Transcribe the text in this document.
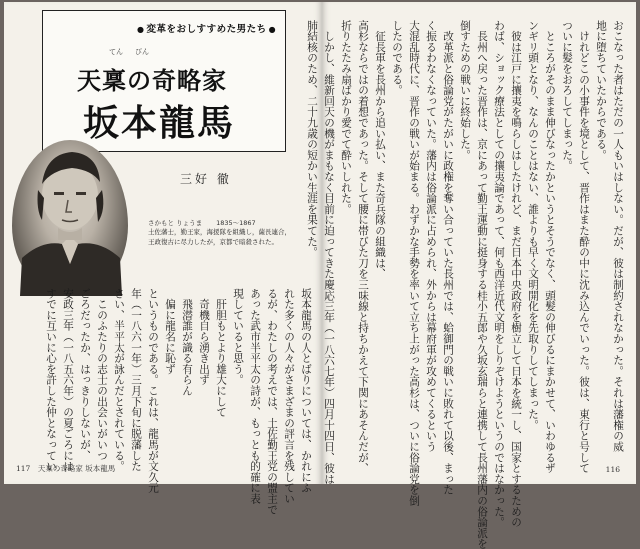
● 変革をおしすすめた男たち ●
てん びん
天稟の奇略家
坂本龍馬
三好 徹
さかもと りょうま 1835〜1867
土佐藩士，勤王家，海援隊を組織し，薩長連合，
王政復古に尽力したが，京都で暗殺された。
坂本龍馬の人とばりについては、かれにふ
れた多くの人々がさまざまの評言を残してい
るが、わたしの考えでは、土佐勤王党の盟主で
あった武市半平太の詩が、もっとも的確に表
現していると思う。
　肝胆もとより雄大にして
　奇機自ら湧き出ず
　飛潜誰が識る有らん
　偏に龍名に恥ず
というものである。これは、龍馬が文久元
年（一八六一年）三月下旬に脱藩した
さい、半平太が詠んだとされている。
　このふたりの志士の出会いがいつ
ごろだったか、はっきりしないが、
安政三年（一八五六年）の夏ごろには
すでに互いに心を許した仲となってい
117　天稟の奇略家 坂本龍馬
おこなった者はただの一人もいはしない。だが、彼は制約されなかった。それは藩権の威
地に堕ちていたからである。
　けれどこの小事件を境として、晋作はまた酔の中に沈み込んでいった。彼は、東行と号して
ついに髪をおろしてしまった。
　ところがそのまま伸びなったかというとそうでなく、頭髪の伸びるにまかせて、いわゆるザ
ンギリ頭となり、なんのことはない、誰よりも早く文明開化を先取りしてしまった。
　彼は江戸に攘夷を鳴らしはしたけれど、まだ日本中央政府を樹立して日本を統一し、国家とするための
わば、ショック療法としての攘夷論であって、何も西洋近代文明をしりぞけようというのではなかった。
　長州へ戻った晋作は、京にあって勤王運動に挺身する桂小五郎や久坂玄瑞らと連携して長州藩内の俗論派を
倒すための戦いに終始した。
　改革派と俗論党がたがいに政権を奪い合っていた長州では、蛤御門の戦いに敗れて以後、まった
く振るわなくなっていた。藩内は俗論派に占められ、外からは幕府軍が攻めてくるという
大混乱時代に、晋作の戦いが始まる。わずかな手勢を率いて立ち上がった高杉は、ついに俗論党を倒
したのである。
　征長軍を長州から追い払い、また奇兵隊の組織は、
高杉ならではの着想であった。そして腰に帯びた刀を三味線と持ちかえて下関にあそんだが、
折りたたみ扇ばかり愛でて酔いしれた。
　しかし、維新回天の機がまもなく目前に迫ってきた慶応三年（一八六七年）四月十四日、彼は
肺結核のため、二十九歳の短かい生涯を果てた。
116
